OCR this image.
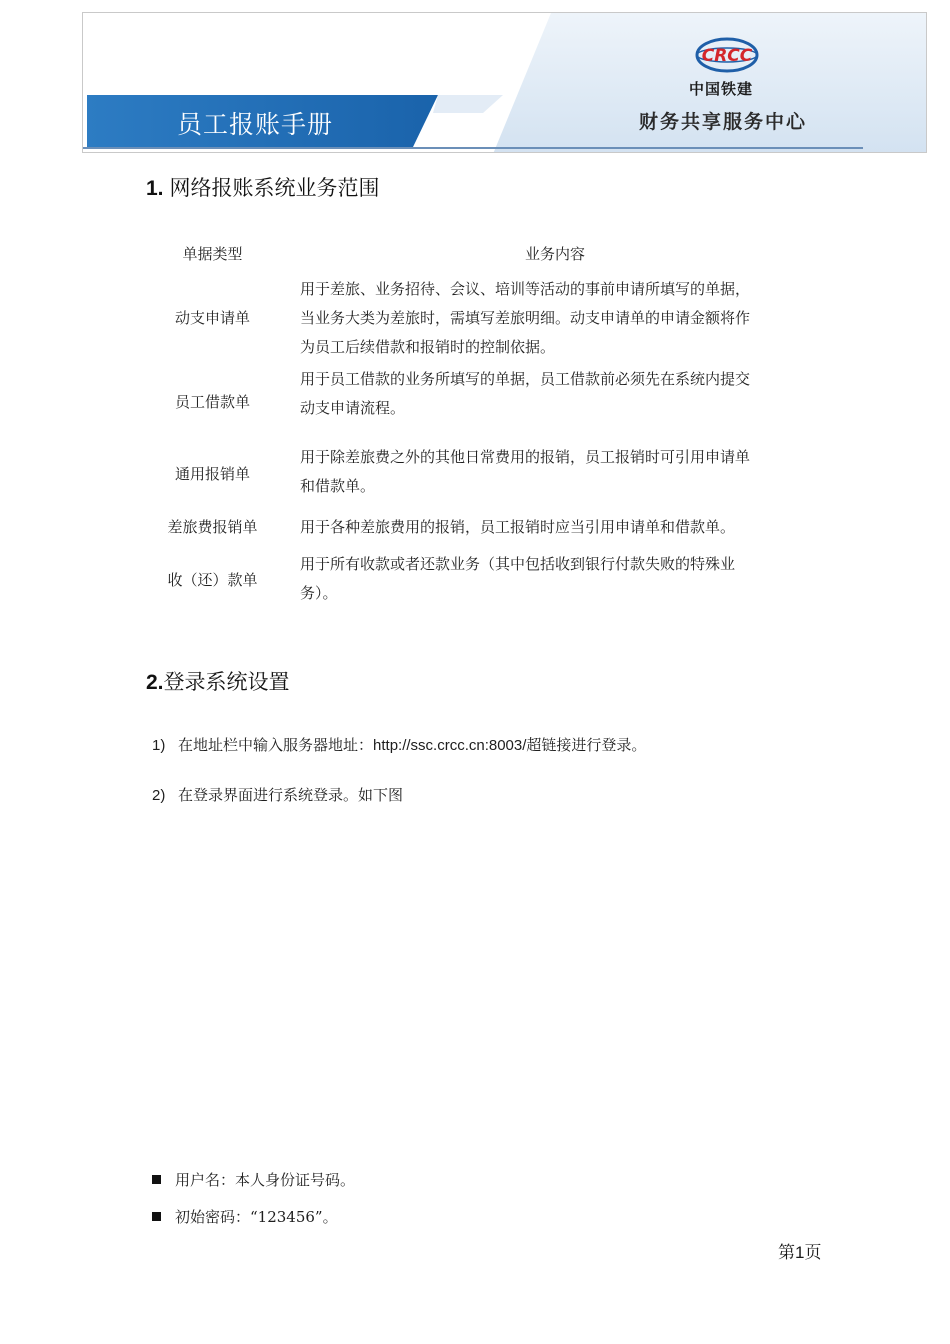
员工报账手册
CRCC
中国铁建
财务共享服务中心
1. 网络报账系统业务范围
单据类型	业务内容
动支申请单
用于差旅、业务招待、会议、培训等活动的事前申请所填写的单据，
当业务大类为差旅时，需填写差旅明细。动支申请单的申请金额将作
为员工后续借款和报销时的控制依据。
员工借款单
用于员工借款的业务所填写的单据，员工借款前必须先在系统内提交
动支申请流程。
通用报销单
用于除差旅费之外的其他日常费用的报销，员工报销时可引用申请单
和借款单。
差旅费报销单	用于各种差旅费用的报销，员工报销时应当引用申请单和借款单。
收（还）款单
用于所有收款或者还款业务（其中包括收到银行付款失败的特殊业
务）。
2.登录系统设置
1) 在地址栏中输入服务器地址：http://ssc.crcc.cn:8003/超链接进行登录。
2) 在登录界面进行系统登录。如下图
用户名：本人身份证号码。
初始密码：“123456”。
第1页
